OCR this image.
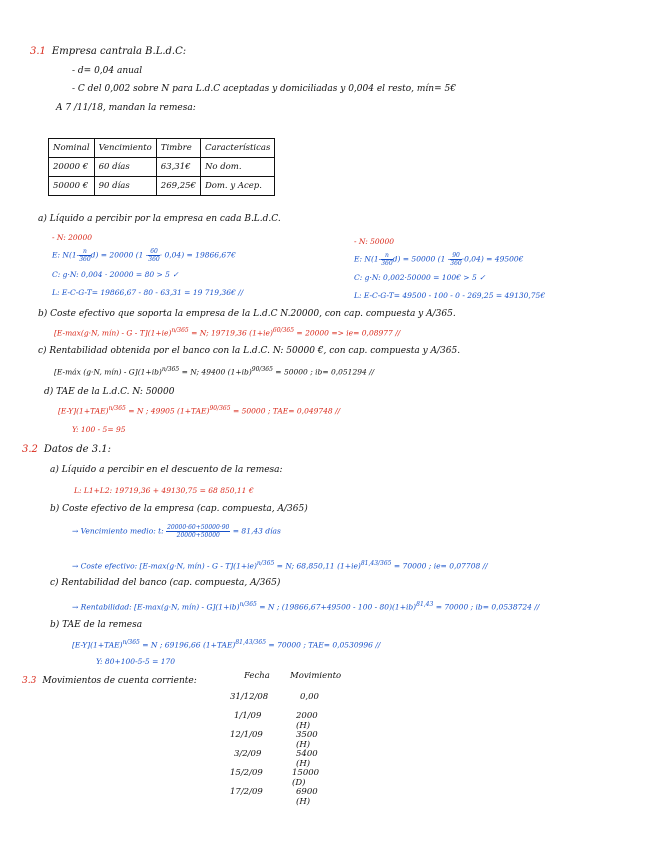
3.1 Empresa cantrala B.L.d.C:
- d= 0,04 anual
- C del 0,002 sobre N para L.d.C aceptadas y domiciliadas y 0,004 el resto, mín= 5€
A 7 /11/18, mandan la remesa:
Nominal	Vencimiento	Timbre	Características
20000 €	60 días	63,31€	No dom.
50000 €	90 días	269,25€	Dom. y Acep.
a) Líquido a percibir por la empresa en cada B.L.d.C.
- N: 20000
E: $N(1- \frac{n}{360} d) = 20000$ $(1 - \frac{60}{360} \cdot 0,04)$ = 19866,67€
C: g·N: 0,004 · 20000 = 80 > 5 ✓
L: E-C-G-T= 19866,67 - 80 - 63,31 = 19 719,36€ //
- N: 50000
E: $N(1- \frac{n}{360} d) = 50000$ $(1 - \frac{90}{360} \cdot 0,04)$ = 49500€
C: g·N: 0,002·50000 = 100€ > 5 ✓
L: E-C-G-T= 49500 - 100 - 0 - 269,25 = 49130,75€
b) Coste efectivo que soporta la empresa de la L.d.C N.20000, con cap. compuesta y A/365.
[E-max(g·N, mín) - $G - T](1+ie)^{n/365} = N$; 19719,36 $(1+ie)^{60/365} = 20000 => ie= 0,08977$ //
c) Rentabilidad obtenida por el banco con la L.d.C. N: 50000 €, con cap. compuesta y A/365.
[E-máx (g·N, mín) - $G](1+ib)^{n/365} = N$; 49400 $(1+ib)^{90/365} = 50000$ ; ib= 0,051294 //
d) TAE de la L.d.C. N: 50000
$[E-Y](1+TAE)^{n/365} = N$ ; 49905 $(1+TAE)^{90/365} = 50000$ ; TAE= 0,049748 //
Y: 100 - 5= 95
3.2 Datos de 3.1:
a) Líquido a percibir en el descuento de la remesa:
L: L1+L2: 19719,36 + 49130,75 = 68 850,11 €
b) Coste efectivo de la empresa (cap. compuesta, A/365)
→ Vencimiento medio: t: $\frac{20000\cdot 60+50000\cdot 90}{20000+50000} = 81,43$ días
→ Coste efectivo: [E-max(g·N, mín) - $G - T](1+ie)^{n/365} = N$; 68,850,11 $(1+ie)^{81,43/365} = 70000$ ; ie= 0,07708 //
c) Rentabilidad del banco (cap. compuesta, A/365)
→ Rentabilidad: [E-max(g·N, mín) - $G](1+ib)^{n/365} = N$ ; $(19866,67+49500 - 100 - 80)(1+ib)^{81,43} = 70000$ ; ib= 0,0538724 //
b) TAE de la remesa
$[E-Y](1+TAE)^{n/365} = N$ ; 69196,66 $(1+TAE)^{81,43/365} = 70000$ ; TAE= 0,0530996 //
Y: 80+100-5-5 = 170
3.3 Movimientos de cuenta corriente:	Fecha Movimiento
31/12/08	0,00
1/1/09	2000 (H)
12/1/09	3500 (H)
3/2/09	5400 (H)
15/2/09	15000 (D)
17/2/09	6900 (H)
